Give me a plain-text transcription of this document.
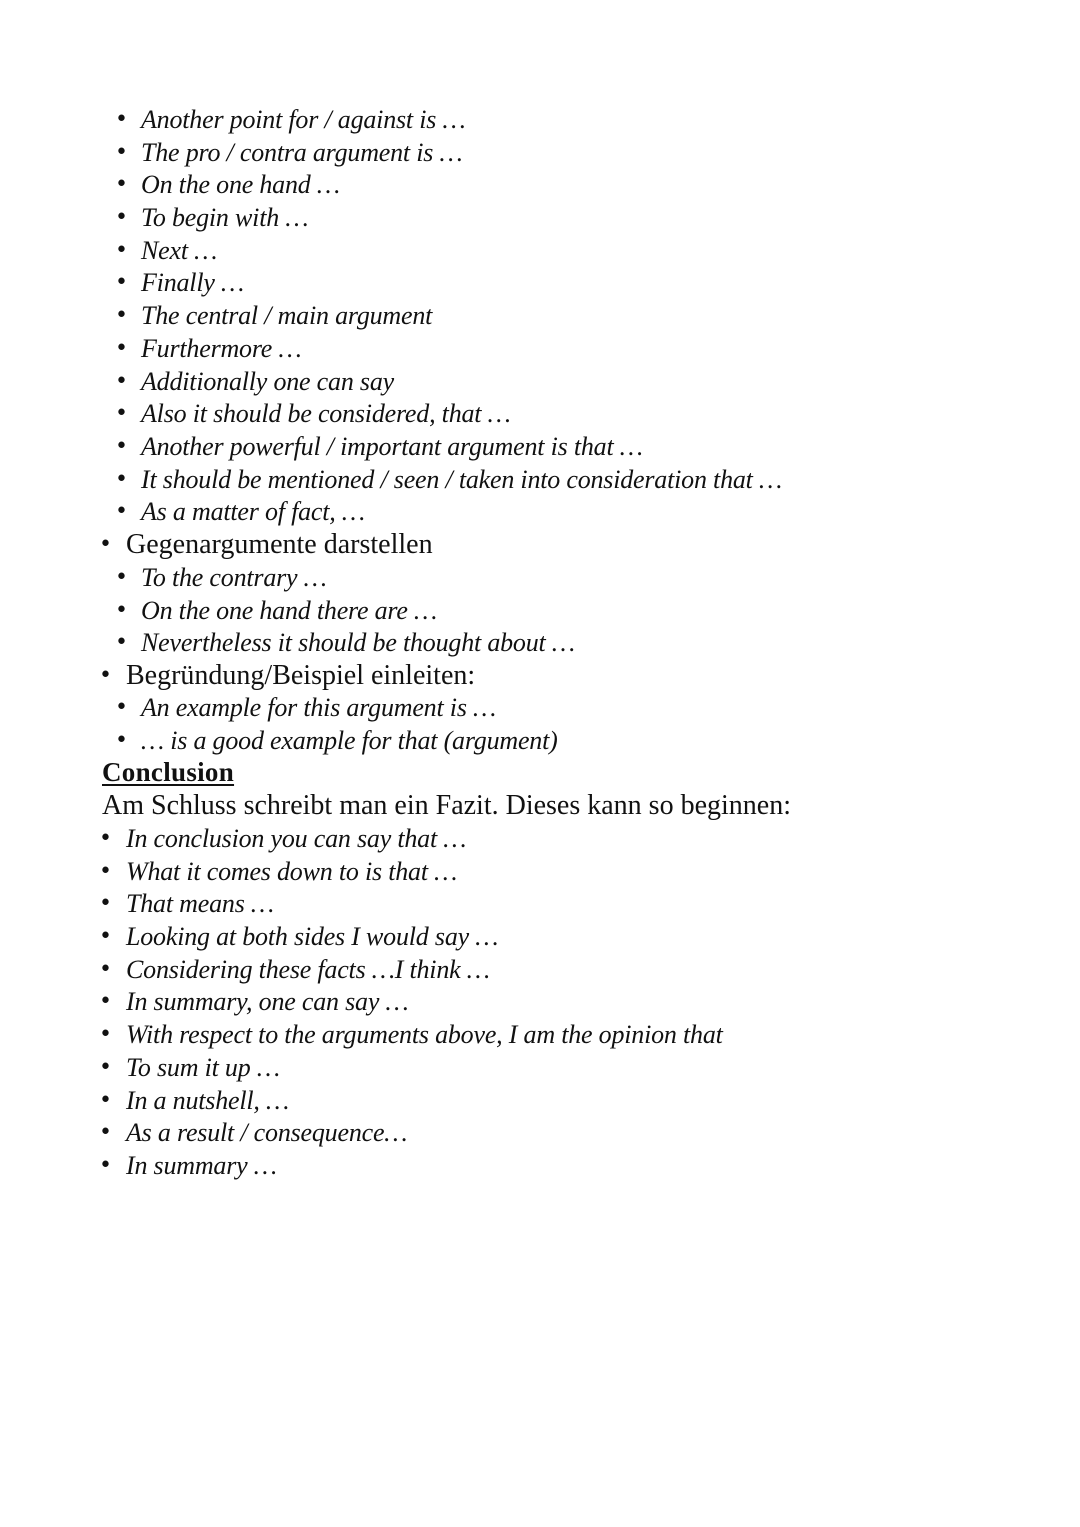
• Another point for / against is …
• The pro / contra argument is …
• On the one hand …
• To begin with …
• Next …
• Finally …
• The central / main argument
• Furthermore …
• Additionally one can say
• Also it should be considered, that …
• Another powerful / important argument is that …
• It should be mentioned / seen / taken into consideration that …
• As a matter of fact, …
• Gegenargumente darstellen
• To the contrary …
• On the one hand there are …
• Nevertheless it should be thought about …
• Begründung/Beispiel einleiten:
• An example for this argument is …
• … is a good example for that (argument)
Conclusion

Am Schluss schreibt man ein Fazit. Dieses kann so beginnen:

• In conclusion you can say that …
• What it comes down to is that …
• That means …
• Looking at both sides I would say …
• Considering these facts …I think …
• In summary, one can say …
• With respect to the arguments above, I am the opinion that
• To sum it up …
• In a nutshell, …
• As a result / consequence…
• In summary …
